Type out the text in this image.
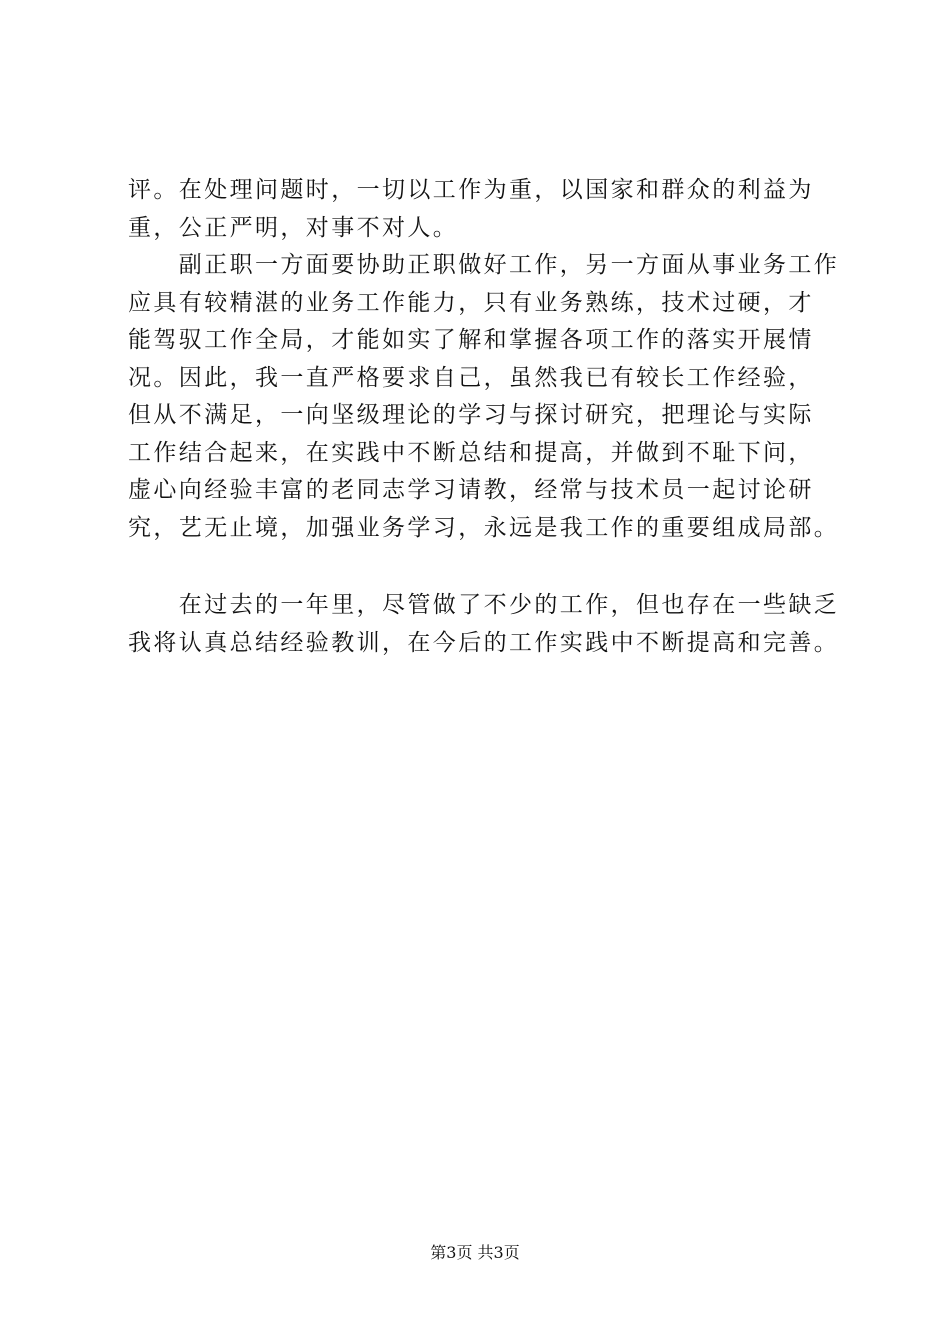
评。在处理问题时，一切以工作为重，以国家和群众的利益为
重，公正严明，对事不对人。
　　副正职一方面要协助正职做好工作，另一方面从事业务工作
应具有较精湛的业务工作能力，只有业务熟练，技术过硬，才
能驾驭工作全局，才能如实了解和掌握各项工作的落实开展情
况。因此，我一直严格要求自己，虽然我已有较长工作经验，
但从不满足，一向坚级理论的学习与探讨研究，把理论与实际
工作结合起来，在实践中不断总结和提高，并做到不耻下问，
虚心向经验丰富的老同志学习请教，经常与技术员一起讨论研
究，艺无止境，加强业务学习，永远是我工作的重要组成局部。
　　在过去的一年里，尽管做了不少的工作，但也存在一些缺乏
我将认真总结经验教训，在今后的工作实践中不断提高和完善。
第3页 共3页
